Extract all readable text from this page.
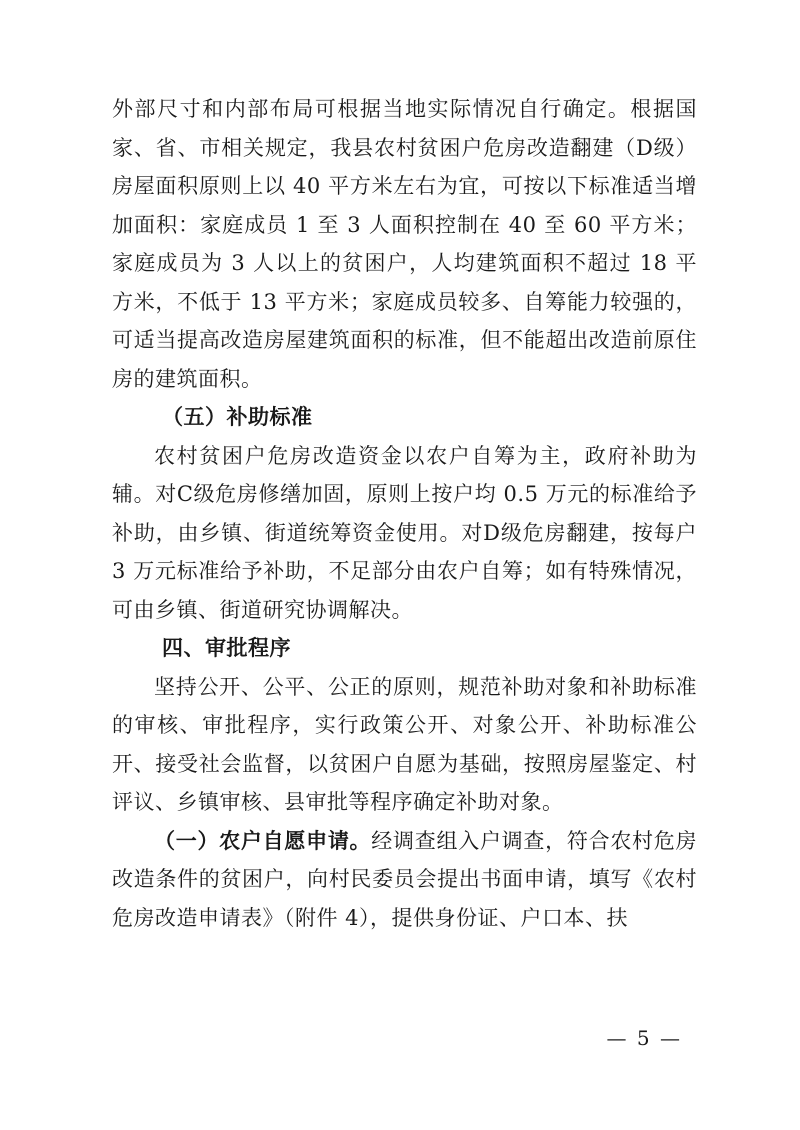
外部尺寸和内部布局可根据当地实际情况自行确定。根据国家、省、市相关规定，我县农村贫困户危房改造翻建（D级）房屋面积原则上以 40 平方米左右为宜，可按以下标准适当增加面积：家庭成员 1 至 3 人面积控制在 40 至 60 平方米；家庭成员为 3 人以上的贫困户，人均建筑面积不超过 18 平方米，不低于 13 平方米；家庭成员较多、自筹能力较强的，可适当提高改造房屋建筑面积的标准，但不能超出改造前原住房的建筑面积。

（五）补助标准

农村贫困户危房改造资金以农户自筹为主，政府补助为辅。对C级危房修缮加固，原则上按户均 0.5 万元的标准给予补助，由乡镇、街道统筹资金使用。对D级危房翻建，按每户 3 万元标准给予补助，不足部分由农户自筹；如有特殊情况，可由乡镇、街道研究协调解决。

四、审批程序

坚持公开、公平、公正的原则，规范补助对象和补助标准的审核、审批程序，实行政策公开、对象公开、补助标准公开、接受社会监督，以贫困户自愿为基础，按照房屋鉴定、村评议、乡镇审核、县审批等程序确定补助对象。

（一）农户自愿申请。经调查组入户调查，符合农村危房改造条件的贫困户，向村民委员会提出书面申请，填写《农村危房改造申请表》（附件 4），提供身份证、户口本、扶

— 5 —
